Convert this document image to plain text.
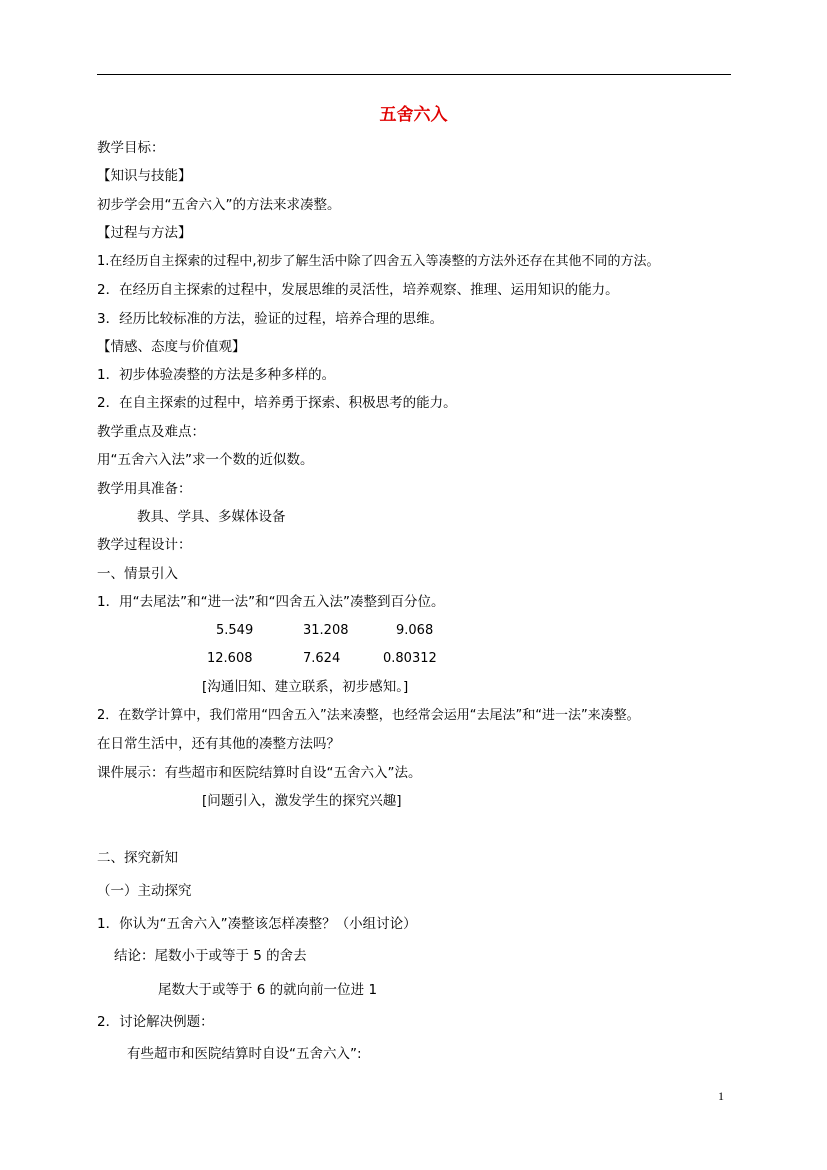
五舍六入
教学目标：
【知识与技能】
初步学会用“五舍六入”的方法来求凑整。
【过程与方法】
1.在经历自主探索的过程中,初步了解生活中除了四舍五入等凑整的方法外还存在其他不同的方法。
2．在经历自主探索的过程中，发展思维的灵活性，培养观察、推理、运用知识的能力。
3．经历比较标准的方法，验证的过程，培养合理的思维。
【情感、态度与价值观】
1．初步体验凑整的方法是多种多样的。
2．在自主探索的过程中，培养勇于探索、积极思考的能力。
教学重点及难点：
用“五舍六入法”求一个数的近似数。
教学用具准备：
教具、学具、多媒体设备
教学过程设计：
一、情景引入
1．用“去尾法”和“进一法”和“四舍五入法”凑整到百分位。
5.549	31.208	9.068
12.608	7.624	0.80312
[沟通旧知、建立联系，初步感知。]
2．在数学计算中，我们常用“四舍五入”法来凑整，也经常会运用“去尾法”和“进一法”来凑整。
在日常生活中，还有其他的凑整方法吗？
课件展示：有些超市和医院结算时自设“五舍六入”法。
[问题引入，激发学生的探究兴趣]
二、探究新知
（一）主动探究
1．你认为“五舍六入”凑整该怎样凑整？（小组讨论）
结论：尾数小于或等于 5 的舍去
尾数大于或等于 6 的就向前一位进 1
2．讨论解决例题：
有些超市和医院结算时自设“五舍六入”:
1
